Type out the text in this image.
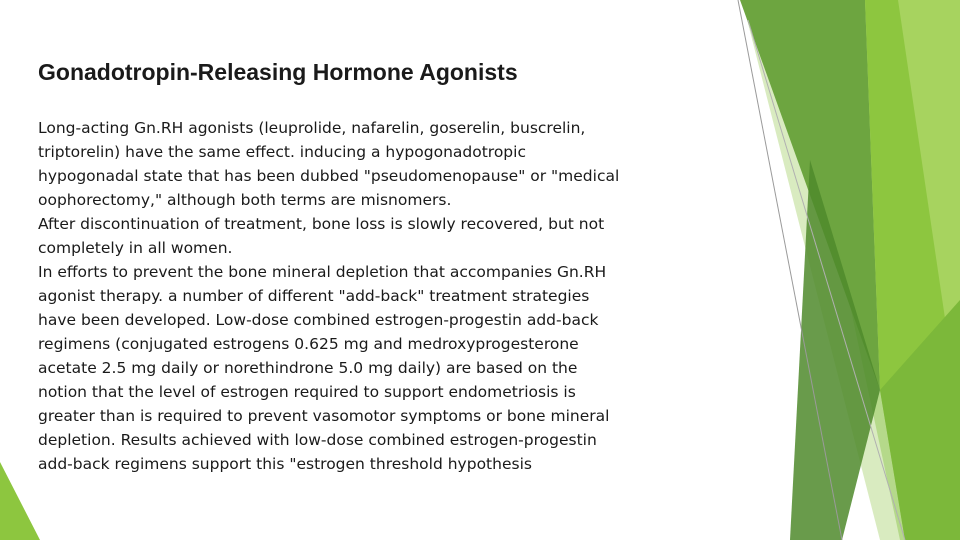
Gonadotropin-Releasing Hormone Agonists
Long-acting Gn.RH agonists (leuprolide, nafarelin, goserelin, buscrelin,
triptorelin) have the same effect. inducing a hypogonadotropic
hypogonadal state that has been dubbed "pseudomenopause" or "medical
oophorectomy," although both terms are misnomers.
After discontinuation of treatment, bone loss is slowly recovered, but not
completely in all women.
In efforts to prevent the bone mineral depletion that accompanies Gn.RH
agonist therapy. a number of different "add-back" treatment strategies
have been developed. Low-dose combined estrogen-progestin add-back
regimens (conjugated estrogens 0.625 mg and medroxyprogesterone
acetate 2.5 mg daily or norethindrone 5.0 mg daily) are based on the
notion that the level of estrogen required to support endometriosis is
greater than is required to prevent vasomotor symptoms or bone mineral
depletion. Results achieved with low-dose combined estrogen-progestin
add-back regimens support this "estrogen threshold hypothesis
